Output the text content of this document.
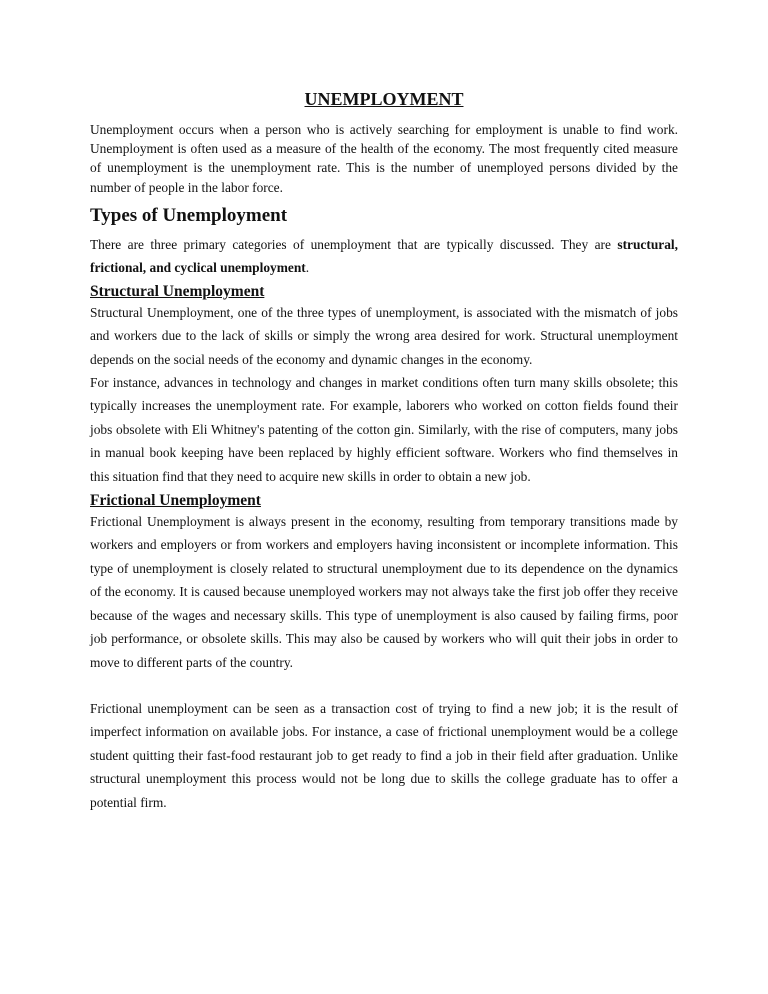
UNEMPLOYMENT

Unemployment occurs when a person who is actively searching for employment is unable to find work. Unemployment is often used as a measure of the health of the economy. The most frequently cited measure of unemployment is the unemployment rate. This is the number of unemployed persons divided by the number of people in the labor force.

Types of Unemployment

There are three primary categories of unemployment that are typically discussed. They are structural, frictional, and cyclical unemployment.

Structural Unemployment

Structural Unemployment, one of the three types of unemployment, is associated with the mismatch of jobs and workers due to the lack of skills or simply the wrong area desired for work. Structural unemployment depends on the social needs of the economy and dynamic changes in the economy.

For instance, advances in technology and changes in market conditions often turn many skills obsolete; this typically increases the unemployment rate. For example, laborers who worked on cotton fields found their jobs obsolete with Eli Whitney's patenting of the cotton gin. Similarly, with the rise of computers, many jobs in manual book keeping have been replaced by highly efficient software. Workers who find themselves in this situation find that they need to acquire new skills in order to obtain a new job.

Frictional Unemployment

Frictional Unemployment is always present in the economy, resulting from temporary transitions made by workers and employers or from workers and employers having inconsistent or incomplete information. This type of unemployment is closely related to structural unemployment due to its dependence on the dynamics of the economy. It is caused because unemployed workers may not always take the first job offer they receive because of the wages and necessary skills. This type of unemployment is also caused by failing firms, poor job performance, or obsolete skills. This may also be caused by workers who will quit their jobs in order to move to different parts of the country.

Frictional unemployment can be seen as a transaction cost of trying to find a new job; it is the result of imperfect information on available jobs. For instance, a case of frictional unemployment would be a college student quitting their fast-food restaurant job to get ready to find a job in their field after graduation. Unlike structural unemployment this process would not be long due to skills the college graduate has to offer a potential firm.
